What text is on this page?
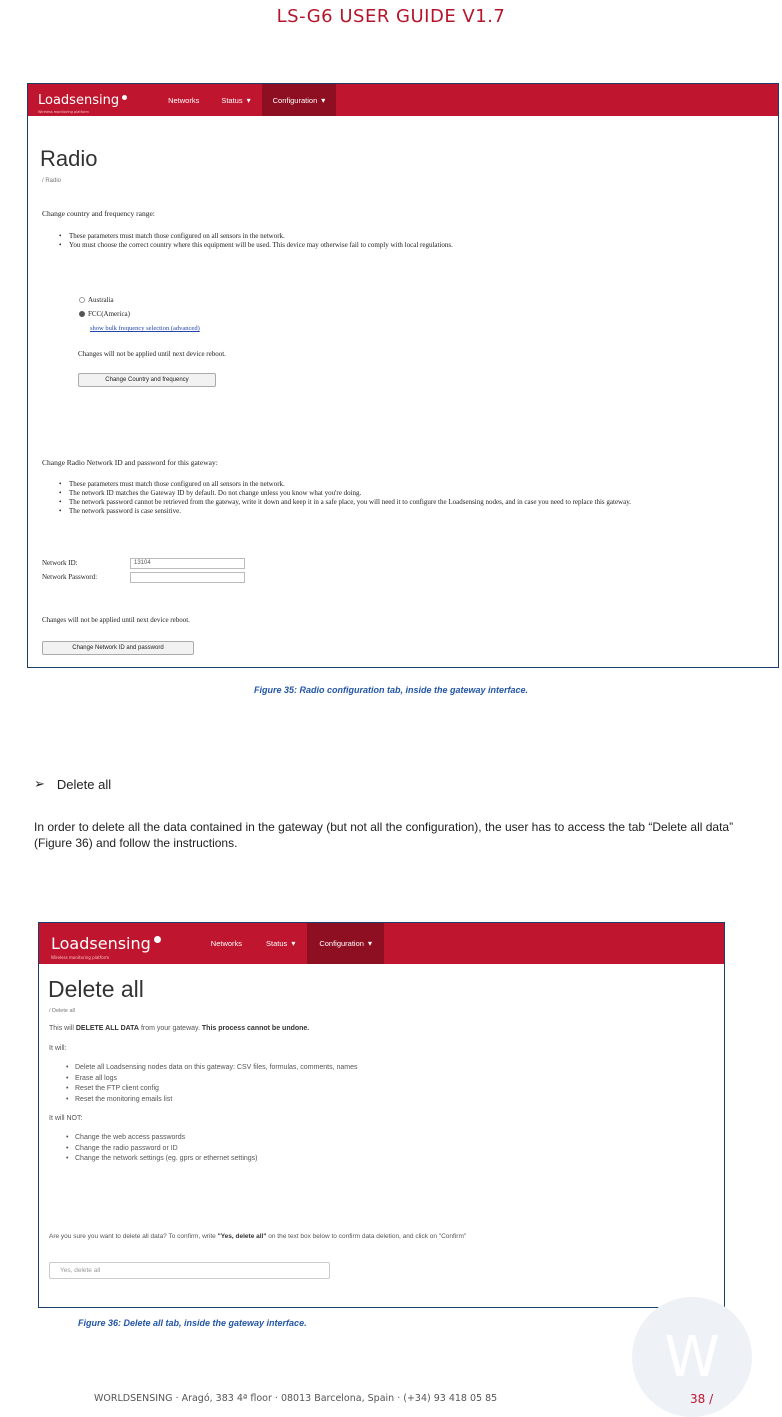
LS-G6 USER GUIDE V1.7
Loadsensing
Wireless monitoring platform
Networks	Status ▾	Configuration ▾
Radio
/ Radio
Change country and frequency range:
• These parameters must match those configured on all sensors in the network.
• You must choose the correct country where this equipment will be used. This device may otherwise fail to comply with local regulations.
Australia
FCC(America)
show bulk frequency selection (advanced)
Changes will not be applied until next device reboot.
Change Country and frequency
Change Radio Network ID and password for this gateway:
• These parameters must match those configured on all sensors in the network.
• The network ID matches the Gateway ID by default. Do not change unless you know what you're doing.
• The network password cannot be retrieved from the gateway, write it down and keep it in a safe place, you will need it to configure the Loadsensing nodes, and in case you need to replace this gateway.
• The network password is case sensitive.
Network ID:	13104
Network Password:
Changes will not be applied until next device reboot.
Change Network ID and password
Figure 35: Radio configuration tab, inside the gateway interface.
➢ Delete all
In order to delete all the data contained in the gateway (but not all the configuration), the user has to access the tab “Delete all data” (Figure 36) and follow the instructions.
Loadsensing
Wireless monitoring platform
Networks	Status ▾	Configuration ▾
Delete all
/ Delete all
This will DELETE ALL DATA from your gateway. This process cannot be undone.
It will:
• Delete all Loadsensing nodes data on this gateway: CSV files, formulas, comments, names
• Erase all logs
• Reset the FTP client config
• Reset the monitoring emails list
It will NOT:
• Change the web access passwords
• Change the radio password or ID
• Change the network settings (eg. gprs or ethernet settings)
Are you sure you want to delete all data? To confirm, write "Yes, delete all" on the text box below to confirm data deletion, and click on "Confirm"
Yes, delete all
Figure 36: Delete all tab, inside the gateway interface.
W
WORLDSENSING · Aragó, 383 4ª floor · 08013 Barcelona, Spain · (+34) 93 418 05 85	38 /
